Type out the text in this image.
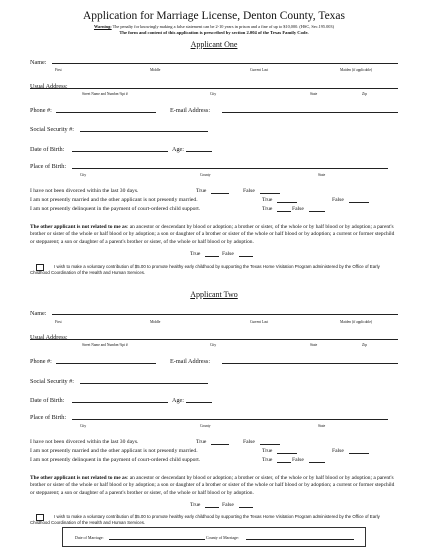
Application for Marriage License, Denton County, Texas
Warning: The penalty for knowingly making a false statement can be 2-10 years in prison and a fine of up to $10,000. (HSC, Sec.195.003)
The form and content of this application is prescribed by section 2.004 of the Texas Family Code.
Applicant One
Name:
First	Middle	Current Last	Maiden (if applicable)
Usual Address:
Street Name and Number/Apt #	City	State	Zip
Phone #:	E-mail Address:
Social Security #:
Date of Birth:	Age:
Place of Birth:
City	County	State
I have not been divorced within the last 30 days.	True	False
I am not presently married and the other applicant is not presently married.	True	False
I am not presently delinquent in the payment of court-ordered child support.	True	False
The other applicant is not related to me as: an ancestor or descendant by blood or adoption; a brother or sister, of the whole or by half blood or by adoption; a parent's brother or sister of the whole or half blood or by adoption; a son or daughter of a brother or sister of the whole or half blood or by adoption; a current or former stepchild or stepparent; a son or daughter of a parent's brother or sister, of the whole or half blood or by adoption.
True	False
I wish to make a voluntary contribution of $5.00 to promote healthy early childhood by supporting the Texas Home Visitation Program administered by the Office of Early Childhood Coordination of the Health and Human Services.
Applicant Two
Name:
First	Middle	Current Last	Maiden (if applicable)
Usual Address:
Street Name and Number/Apt #	City	State	Zip
Phone #:	E-mail Address:
Social Security #:
Date of Birth:	Age:
Place of Birth:
City	County	State
I have not been divorced within the last 30 days.	True	False
I am not presently married and the other applicant is not presently married.	True	False
I am not presently delinquent in the payment of court-ordered child support.	True	False
The other applicant is not related to me as: an ancestor or descendant by blood or adoption; a brother or sister, of the whole or by half blood or by adoption; a parent's brother or sister of the whole or half blood or by adoption; a son or daughter of a brother or sister of the whole or half blood or by adoption; a current or former stepchild or stepparent; a son or daughter of a parent's brother or sister, of the whole or half blood or by adoption.
True	False
I wish to make a voluntary contribution of $5.00 to promote healthy early childhood by supporting the Texas Home Visitation Program administered by the Office of Early Childhood Coordination of the Health and Human Services.
Date of Marriage:	County of Marriage:
